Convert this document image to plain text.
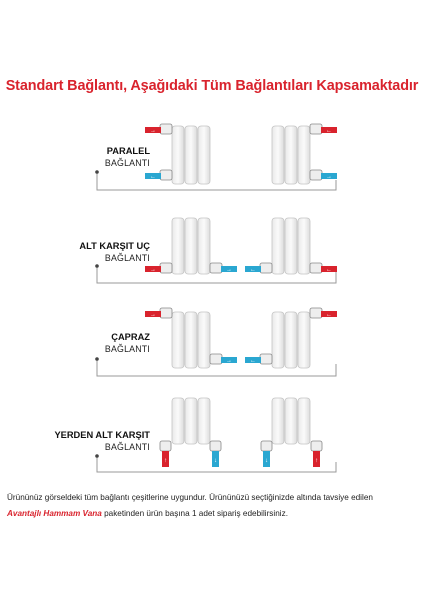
Standart Bağlantı, Aşağıdaki Tüm Bağlantıları Kapsamaktadır
PARALEL
BAĞLANTI
ALT KARŞIT UÇ
BAĞLANTI
ÇAPRAZ
BAĞLANTI
YERDEN ALT KARŞIT
BAĞLANTI
→
←
←
→
→	→	←	←
→
→	←
←
↑	↓	↓	↑
Ürününüz görseldeki tüm bağlantı çeşitlerine uygundur. Ürününüzü seçtiğinizde altında tavsiye edilen
Avantajlı Hammam Vana paketinden ürün başına 1 adet sipariş edebilirsiniz.
